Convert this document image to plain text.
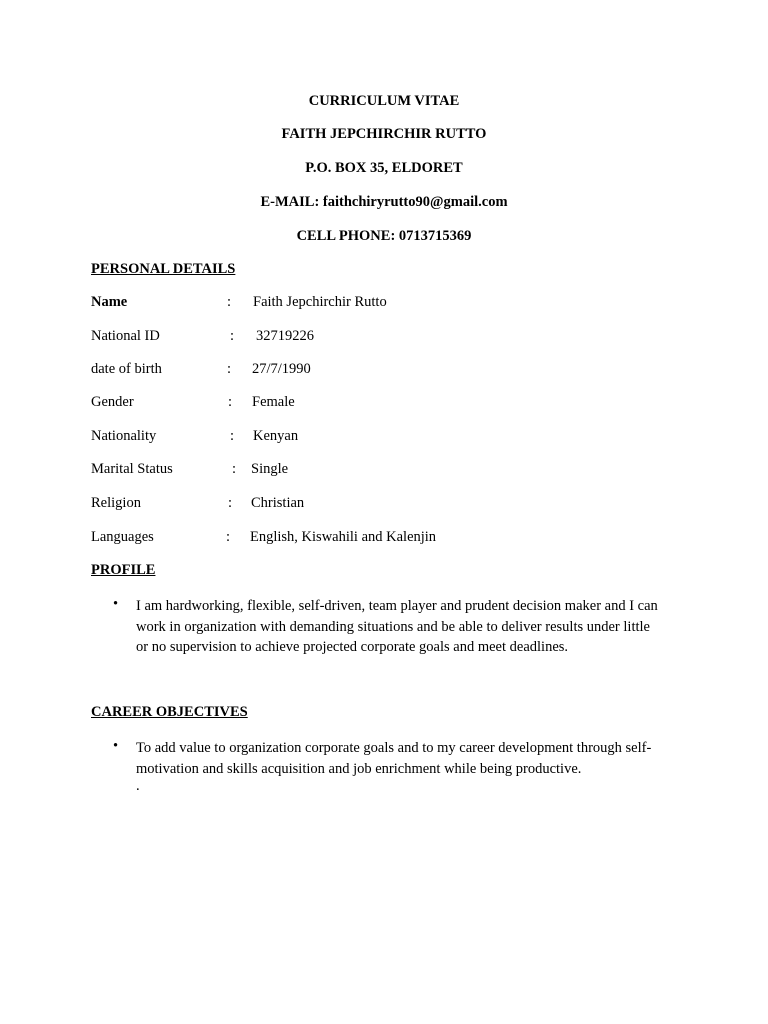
CURRICULUM VITAE
FAITH JEPCHIRCHIR RUTTO
P.O. BOX 35, ELDORET
E-MAIL: faithchiryrutto90@gmail.com
CELL PHONE: 0713715369
PERSONAL DETAILS
Name	: Faith Jepchirchir Rutto
National ID	: 32719226
date of birth	: 27/7/1990
Gender	: Female
Nationality	: Kenyan
Marital Status	: Single
Religion	: Christian
Languages	: English, Kiswahili and Kalenjin
PROFILE
• I am hardworking, flexible, self-driven, team player and prudent decision maker and I can
work in organization with demanding situations and be able to deliver results under little
or no supervision to achieve projected corporate goals and meet deadlines.
CAREER OBJECTIVES
• To add value to organization corporate goals and to my career development through self-
motivation and skills acquisition and job enrichment while being productive.
.
